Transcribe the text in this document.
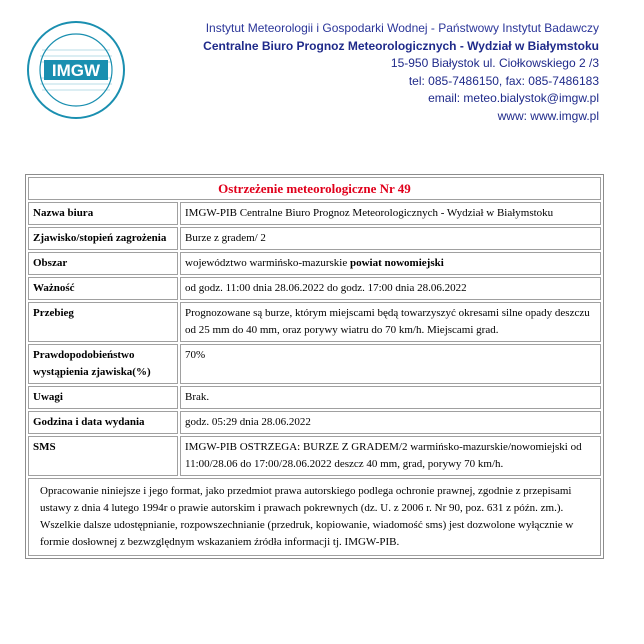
IMGW
Instytut Meteorologii i Gospodarki Wodnej - Państwowy Instytut Badawczy
Centralne Biuro Prognoz Meteorologicznych - Wydział w Białymstoku
15-950 Białystok ul. Ciołkowskiego 2 /3
tel: 085-7486150, fax: 085-7486183
email: meteo.bialystok@imgw.pl
www: www.imgw.pl
Ostrzeżenie meteorologiczne Nr 49	
Nazwa biura	IMGW-PIB Centralne Biuro Prognoz Meteorologicznych - Wydział w Białymstoku
Zjawisko/stopień zagrożenia	Burze z gradem/ 2
Obszar	województwo warmińsko-mazurskie powiat nowomiejski
Ważność	od godz. 11:00 dnia 28.06.2022 do godz. 17:00 dnia 28.06.2022
Przebieg	Prognozowane są burze, którym miejscami będą towarzyszyć okresami silne opady deszczu od 25 mm do 40 mm, oraz porywy wiatru do 70 km/h. Miejscami grad.
Prawdopodobieństwo wystąpienia zjawiska(%)	70%
Uwagi	Brak.
Godzina i data wydania	godz. 05:29 dnia 28.06.2022
SMS	IMGW-PIB OSTRZEGA: BURZE Z GRADEM/2 warmińsko-mazurskie/nowomiejski od 11:00/28.06 do 17:00/28.06.2022 deszcz 40 mm, grad, porywy 70 km/h.

Opracowanie niniejsze i jego format, jako przedmiot prawa autorskiego podlega ochronie prawnej, zgodnie z przepisami ustawy z dnia 4 lutego 1994r o prawie autorskim i prawach pokrewnych (dz. U. z 2006 r. Nr 90, poz. 631 z późn. zm.).

Wszelkie dalsze udostępnianie, rozpowszechnianie (przedruk, kopiowanie, wiadomość sms) jest dozwolone wyłącznie w formie dosłownej z bezwzględnym wskazaniem źródła informacji tj. IMGW-PIB.
